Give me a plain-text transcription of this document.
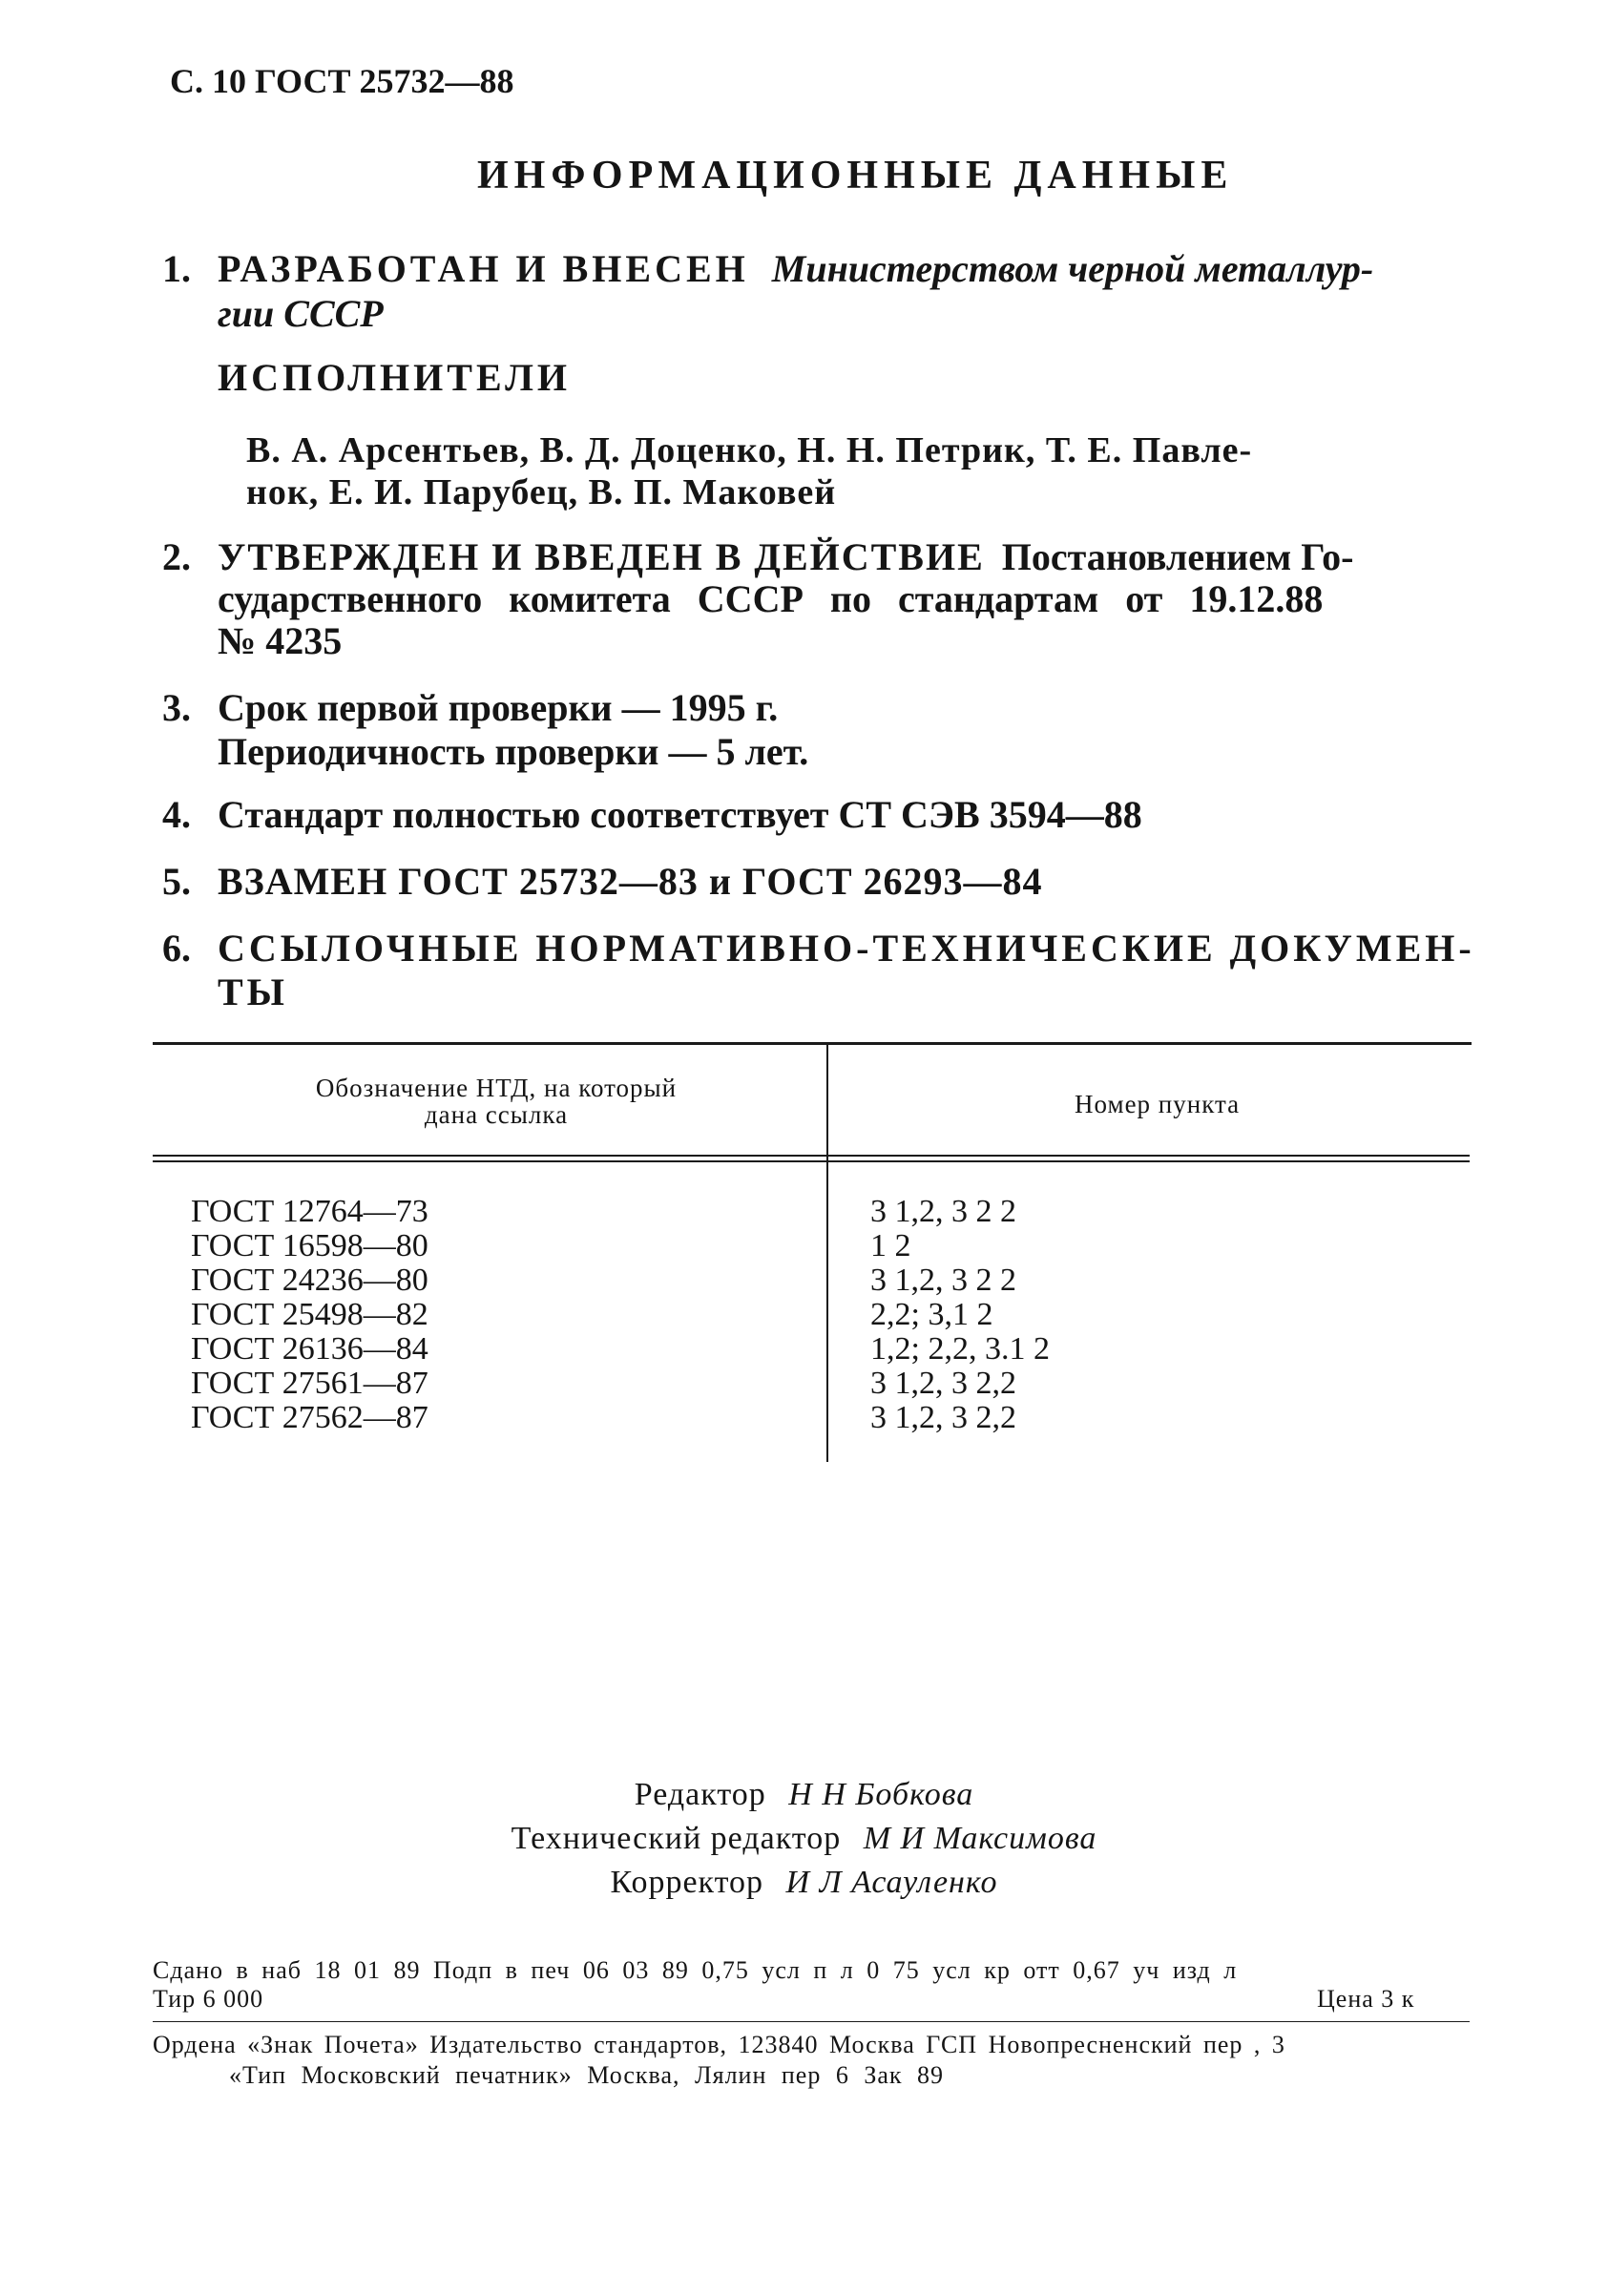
С. 10 ГОСТ 25732—88
ИНФОРМАЦИОННЫЕ ДАННЫЕ
1. РАЗРАБОТАН И ВНЕСЕН Министерством черной металлур-
гии СССР
ИСПОЛНИТЕЛИ
В. А. Арсентьев, В. Д. Доценко, Н. Н. Петрик, Т. Е. Павле-
нок, Е. И. Парубец, В. П. Маковей
2. УТВЕРЖДЕН И ВВЕДЕН В ДЕЙСТВИЕ Постановлением Го-
сударственного комитета СССР по стандартам от 19.12.88
№ 4235
3. Срок первой проверки — 1995 г.
Периодичность проверки — 5 лет.
4. Стандарт полностью соответствует СТ СЭВ 3594—88
5. ВЗАМЕН ГОСТ 25732—83 и ГОСТ 26293—84
6. ССЫЛОЧНЫЕ НОРМАТИВНО-ТЕХНИЧЕСКИЕ ДОКУМЕН-
ТЫ
Обозначение НТД, на который
дана ссылка	Номер пункта
ГОСТ 12764—73
ГОСТ 16598—80
ГОСТ 24236—80
ГОСТ 25498—82
ГОСТ 26136—84
ГОСТ 27561—87
ГОСТ 27562—87
3 1,2, 3 2 2
1 2
3 1,2, 3 2 2
2,2; 3,1 2
1,2; 2,2, 3.1 2
3 1,2, 3 2,2
3 1,2, 3 2,2
Редактор Н Н Бобкова
Технический редактор М И Максимова
Корректор И Л Асауленко
Сдано в наб 18 01 89 Подп в печ 06 03 89 0,75 усл п л 0 75 усл кр отт 0,67 уч изд л
Тир 6 000	Цена 3 к
Ордена «Знак Почета» Издательство стандартов, 123840 Москва ГСП Новопресненский пер , 3
«Тип Московский печатник» Москва, Лялин пер 6 Зак 89
